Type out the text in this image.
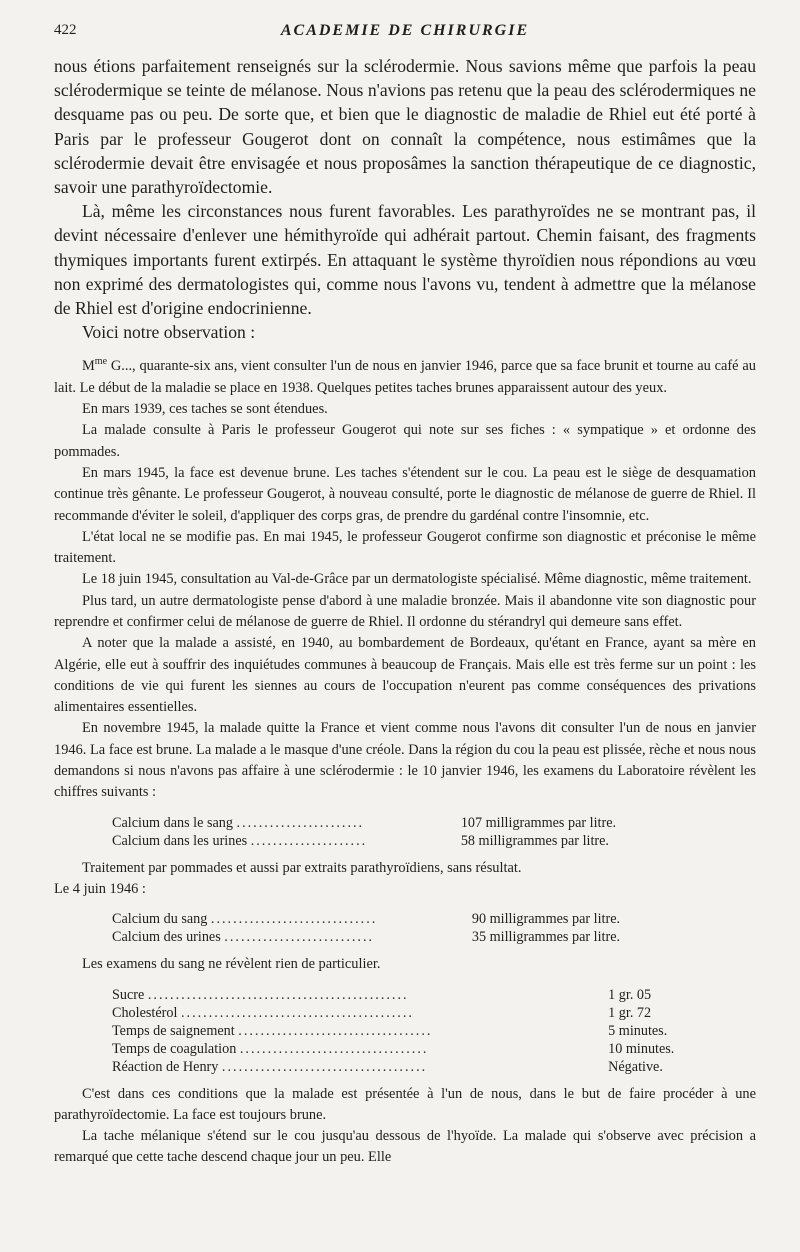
422	ACADEMIE DE CHIRURGIE

nous étions parfaitement renseignés sur la sclérodermie. Nous savions même que parfois la peau sclérodermique se teinte de mélanose. Nous n'avions pas retenu que la peau des sclérodermiques ne desquame pas ou peu. De sorte que, et bien que le diagnostic de maladie de Rhiel eut été porté à Paris par le professeur Gougerot dont on connaît la compétence, nous estimâmes que la sclérodermie devait être envisagée et nous proposâmes la sanction thérapeutique de ce diagnostic, savoir une parathyroïdectomie.

Là, même les circonstances nous furent favorables. Les parathyroïdes ne se montrant pas, il devint nécessaire d'enlever une hémithyroïde qui adhérait partout. Chemin faisant, des fragments thymiques importants furent extirpés. En attaquant le système thyroïdien nous répondions au vœu non exprimé des dermatologistes qui, comme nous l'avons vu, tendent à admettre que la mélanose de Rhiel est d'origine endocrinienne.

Voici notre observation :

$M^{me}$ G..., quarante-six ans, vient consulter l'un de nous en janvier 1946, parce que sa face brunit et tourne au café au lait. Le début de la maladie se place en 1938. Quelques petites taches brunes apparaissent autour des yeux.

En mars 1939, ces taches se sont étendues.

La malade consulte à Paris le professeur Gougerot qui note sur ses fiches : « sympatique » et ordonne des pommades.

En mars 1945, la face est devenue brune. Les taches s'étendent sur le cou. La peau est le siège de desquamation continue très gênante. Le professeur Gougerot, à nouveau consulté, porte le diagnostic de mélanose de guerre de Rhiel. Il recommande d'éviter le soleil, d'appliquer des corps gras, de prendre du gardénal contre l'insomnie, etc.

L'état local ne se modifie pas. En mai 1945, le professeur Gougerot confirme son diagnostic et préconise le même traitement.

Le 18 juin 1945, consultation au Val-de-Grâce par un dermatologiste spécialisé. Même diagnostic, même traitement.

Plus tard, un autre dermatologiste pense d'abord à une maladie bronzée. Mais il abandonne vite son diagnostic pour reprendre et confirmer celui de mélanose de guerre de Rhiel. Il ordonne du stérandryl qui demeure sans effet.

A noter que la malade a assisté, en 1940, au bombardement de Bordeaux, qu'étant en France, ayant sa mère en Algérie, elle eut à souffrir des inquiétudes communes à beaucoup de Français. Mais elle est très ferme sur un point : les conditions de vie qui furent les siennes au cours de l'occupation n'eurent pas comme conséquences des privations alimentaires essentielles.

En novembre 1945, la malade quitte la France et vient comme nous l'avons dit consulter l'un de nous en janvier 1946. La face est brune. La malade a le masque d'une créole. Dans la région du cou la peau est plissée, rèche et nous nous demandons si nous n'avons pas affaire à une sclérodermie : le 10 janvier 1946, les examens du Laboratoire révèlent les chiffres suivants :

Calcium dans le sang .......................	107 milligrammes par litre.
Calcium dans les urines .....................	58 milligrammes par litre.

Traitement par pommades et aussi par extraits parathyroïdiens, sans résultat.

Le 4 juin 1946 :

Calcium du sang ..............................	90 milligrammes par litre.
Calcium des urines ...........................	35 milligrammes par litre.

Les examens du sang ne révèlent rien de particulier.

Sucre ...............................................	1 gr. 05
Cholestérol ..........................................	1 gr. 72
Temps de saignement ...................................	5 minutes.
Temps de coagulation ..................................	10 minutes.
Réaction de Henry .....................................	Négative.

C'est dans ces conditions que la malade est présentée à l'un de nous, dans le but de faire procéder à une parathyroïdectomie. La face est toujours brune.

La tache mélanique s'étend sur le cou jusqu'au dessous de l'hyoïde. La malade qui s'observe avec précision a remarqué que cette tache descend chaque jour un peu. Elle
